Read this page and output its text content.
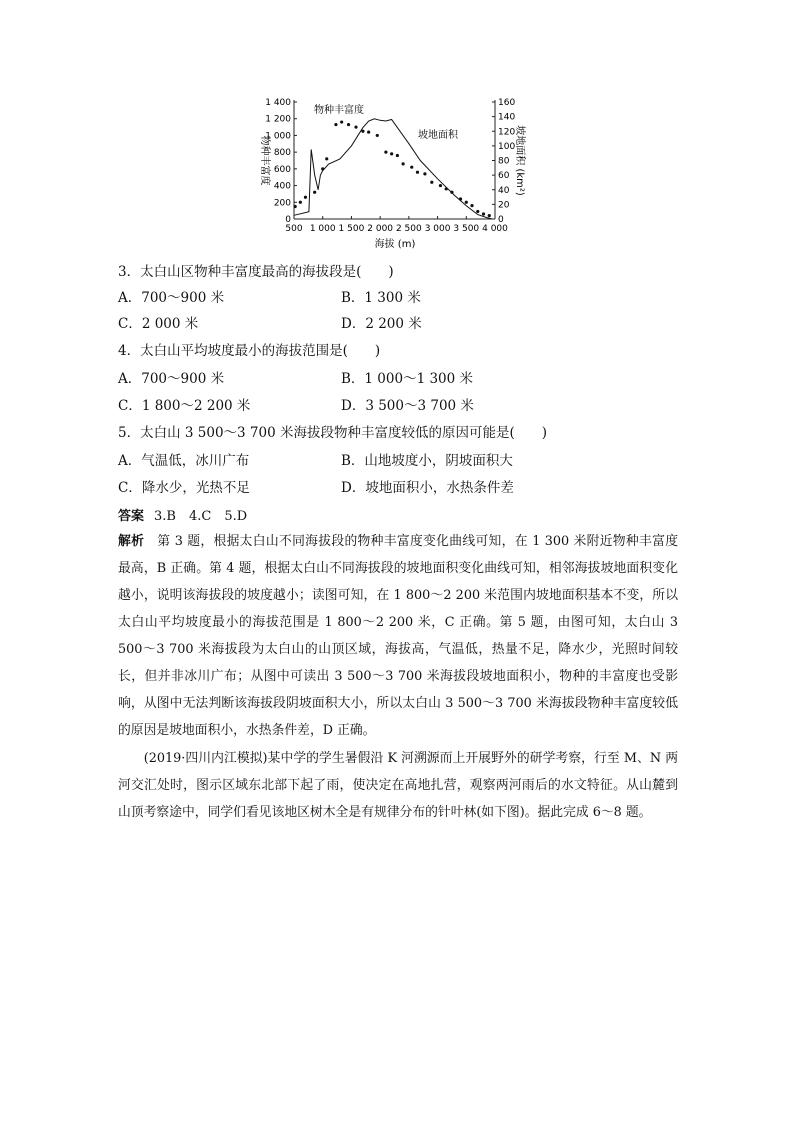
500 1 000 1 500 2 000 2 500 3 000 3 500 4 000
0
200
400
600
800
1 000
1 200
1 400
0
20
40
60
80
100
120
140
160
物种丰富度	坡地面积 (km²)
海拔 (m)
物种丰富度
坡地面积
3．太白山区物种丰富度最高的海拔段是(　　)
A．700～900 米	B．1 300 米
C．2 000 米	D．2 200 米
4．太白山平均坡度最小的海拔范围是(　　)
A．700～900 米	B．1 000～1 300 米
C．1 800～2 200 米	D．3 500～3 700 米
5．太白山 3 500～3 700 米海拔段物种丰富度较低的原因可能是(　　)
A．气温低，冰川广布	B．山地坡度小，阴坡面积大
C．降水少，光热不足	D．坡地面积小，水热条件差
答案 3.B　4.C　5.D
解析　第 3 题，根据太白山不同海拔段的物种丰富度变化曲线可知，在 1 300 米附近物种丰富度最高，B 正确。第 4 题，根据太白山不同海拔段的坡地面积变化曲线可知，相邻海拔坡地面积变化越小，说明该海拔段的坡度越小；读图可知，在 1 800～2 200 米范围内坡地面积基本不变，所以太白山平均坡度最小的海拔范围是 1 800～2 200 米，C 正确。第 5 题，由图可知，太白山 3 500～3 700 米海拔段为太白山的山顶区域，海拔高，气温低，热量不足，降水少，光照时间较长，但并非冰川广布；从图中可读出 3 500～3 700 米海拔段坡地面积小，物种的丰富度也受影响，从图中无法判断该海拔段阴坡面积大小，所以太白山 3 500～3 700 米海拔段物种丰富度较低的原因是坡地面积小，水热条件差，D 正确。
　　(2019·四川内江模拟)某中学的学生暑假沿 K 河溯源而上开展野外的研学考察，行至 M、N 两河交汇处时，图示区域东北部下起了雨，使决定在高地扎营，观察两河雨后的水文特征。从山麓到山顶考察途中，同学们看见该地区树木全是有规律分布的针叶林(如下图)。据此完成 6～8 题。
